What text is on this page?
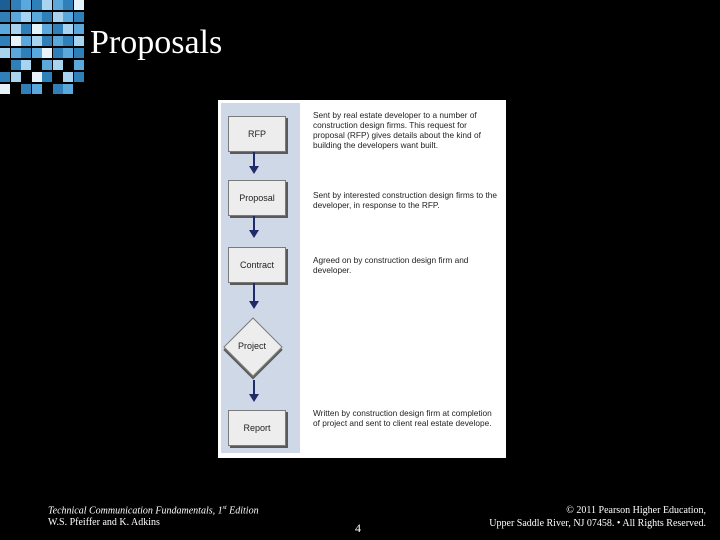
Proposals
RFP
Proposal
Contract
Project
Report
Sent by real estate developer to a number of construction design firms. This request for proposal (RFP) gives details about the kind of building the developers want built.
Sent by interested construction design firms to the developer, in response to the RFP.
Agreed on by construction design firm and developer.
Written by construction design firm at completion of project and sent to client real estate develope.
Technical Communication Fundamentals, 1st Edition
W.S. Pfeiffer and K. Adkins	4
© 2011 Pearson Higher Education,
Upper Saddle River, NJ 07458. • All Rights Reserved.
